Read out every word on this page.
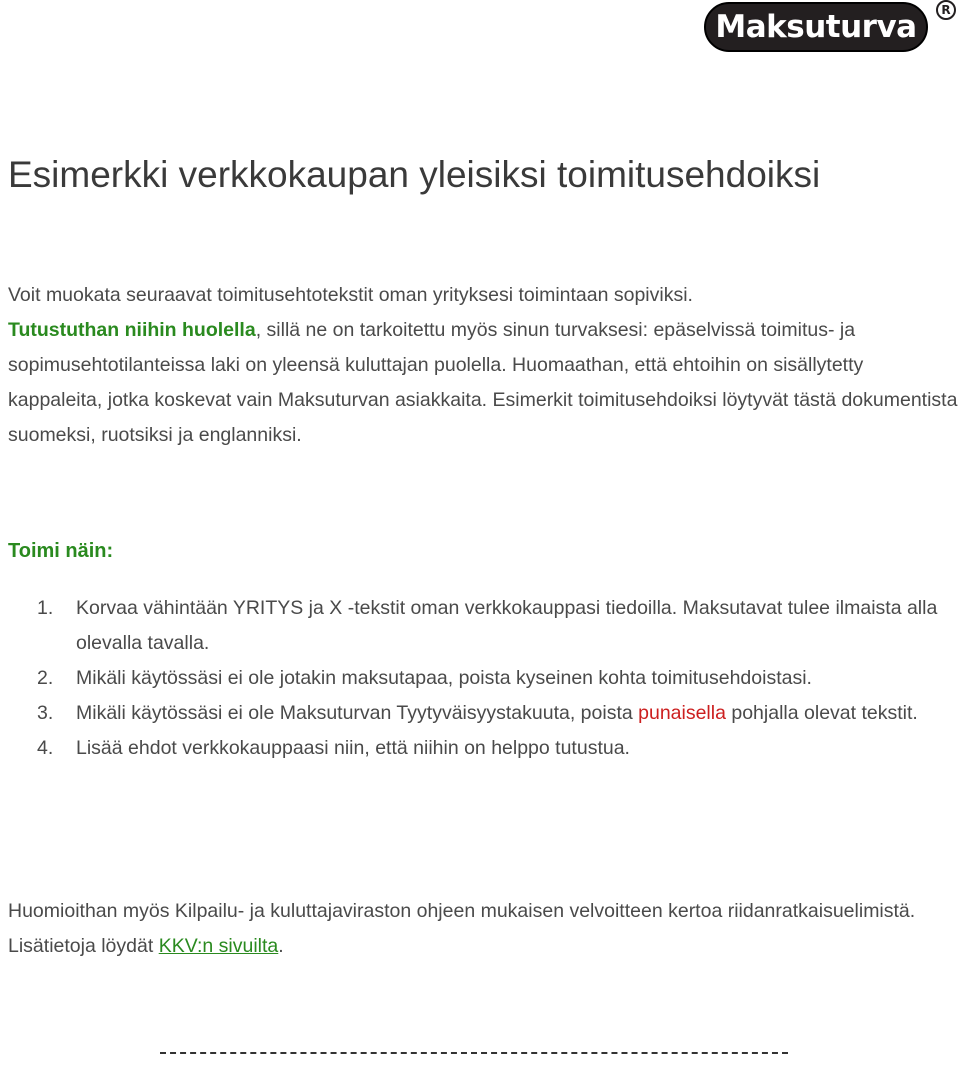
Maksuturva	R
Esimerkki verkkokaupan yleisiksi toimitusehdoiksi

Voit muokata seuraavat toimitusehtotekstit oman yrityksesi toimintaan sopiviksi.
Tutustuthan niihin huolella, sillä ne on tarkoitettu myös sinun turvaksesi: epäselvissä toimitus- ja sopimusehtotilanteissa laki on yleensä kuluttajan puolella. Huomaathan, että ehtoihin on sisällytetty kappaleita, jotka koskevat vain Maksuturvan asiakkaita. Esimerkit toimitusehdoiksi löytyvät tästä dokumentista suomeksi, ruotsiksi ja englanniksi.

Toimi näin:
1. Korvaa vähintään YRITYS ja X -tekstit oman verkkokauppasi tiedoilla. Maksutavat tulee ilmaista alla olevalla tavalla.
2. Mikäli käytössäsi ei ole jotakin maksutapaa, poista kyseinen kohta toimitusehdoistasi.
3. Mikäli käytössäsi ei ole Maksuturvan Tyytyväisyystakuuta, poista punaisella pohjalla olevat tekstit.
4. Lisää ehdot verkkokauppaasi niin, että niihin on helppo tutustua.

Huomioithan myös Kilpailu- ja kuluttajaviraston ohjeen mukaisen velvoitteen kertoa riidanratkaisuelimistä. Lisätietoja löydät KKV:n sivuilta.
